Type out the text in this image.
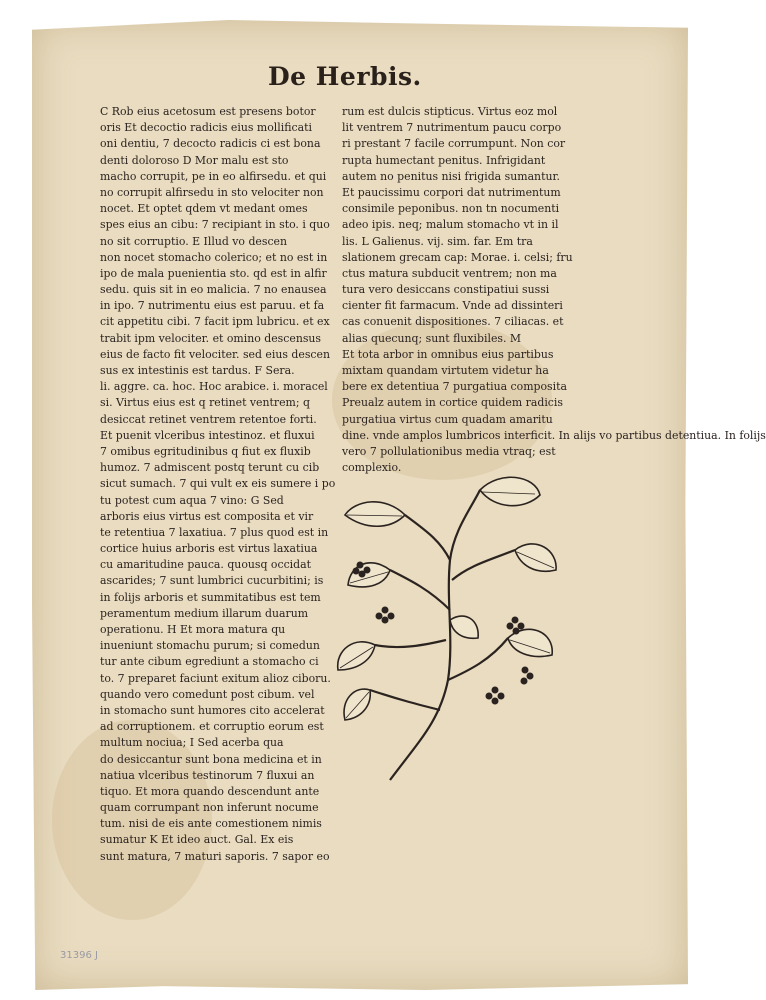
De Herbis.
C Rob eius acetosum est presens botor
oris Et decoctio radicis eius mollificati
oni dentiu, 7 decocto radicis ci est bona
denti doloroso D Mor malu est sto
macho corrupit, pe in eo alfirsedu. et qui
no corrupit alfirsedu in sto velociter non
nocet. Et optet qdem vt medant omes
spes eius an cibu: 7 recipiant in sto. i quo
no sit corruptio. E Illud vo descen
non nocet stomacho colerico; et no est in
ipo de mala puenientia sto. qd est in alfir
sedu. quis sit in eo malicia. 7 no enausea
in ipo. 7 nutrimentu eius est paruu. et fa
cit appetitu cibi. 7 facit ipm lubricu. et ex
trabit ipm velociter. et omino descensus
eius de facto fit velociter. sed eius descen
sus ex intestinis est tardus. F Sera.
li. aggre. ca. hoc. Hoc arabice. i. moracel
si. Virtus eius est q retinet ventrem; q
desiccat retinet ventrem retentoe forti.
Et puenit vlceribus intestinoz. et fluxui
7 omibus egritudinibus q fiut ex fluxib
humoz. 7 admiscent postq terunt cu cib
sicut sumach. 7 qui vult ex eis sumere i po
tu potest cum aqua 7 vino: G Sed
arboris eius virtus est composita et vir
te retentiua 7 laxatiua. 7 plus quod est in
cortice huius arboris est virtus laxatiua
cu amaritudine pauca. quousq occidat
ascarides; 7 sunt lumbrici cucurbitini; is
in folijs arboris et summitatibus est tem
peramentum medium illarum duarum
operationu. H Et mora matura qu
inueniunt stomachu purum; si comedun
tur ante cibum egrediunt a stomacho ci
to. 7 preparet faciunt exitum alioz ciboru.
quando vero comedunt post cibum. vel
in stomacho sunt humores cito accelerat
ad corruptionem. et corruptio eorum est
multum nociua; I Sed acerba qua
do desiccantur sunt bona medicina et in
natiua vlceribus testinorum 7 fluxui an
tiquo. Et mora quando descendunt ante
quam corrumpant non inferunt nocume
tum. nisi de eis ante comestionem nimis
sumatur K Et ideo auct. Gal. Ex eis
sunt matura, 7 maturi saporis. 7 sapor eo
rum est dulcis stipticus. Virtus eoz mol
lit ventrem 7 nutrimentum paucu corpo
ri prestant 7 facile corrumpunt. Non cor
rupta humectant penitus. Infrigidant
autem no penitus nisi frigida sumantur.
Et paucissimu corpori dat nutrimentum
consimile peponibus. non tn nocumenti
adeo ipis. neq; malum stomacho vt in il
lis. L Galienus. vij. sim. far. Em tra
slationem grecam cap: Morae. i. celsi; fru
ctus matura subducit ventrem; non ma
tura vero desiccans constipatiui sussi
cienter fit farmacum. Vnde ad dissinteri
cas conuenit dispositiones. 7 ciliacas. et
alias quecunq; sunt fluxibiles. M
Et tota arbor in omnibus eius partibus
mixtam quandam virtutem videtur ha
bere ex detentiua 7 purgatiua composita
Preualz autem in cortice quidem radicis
purgatiua virtus cum quadam amaritu
dine. vnde amplos lumbricos interficit. In alijs vo partibus detentiua. In folijs
vero 7 pollulationibus media vtraq; est
complexio.
31396 J
